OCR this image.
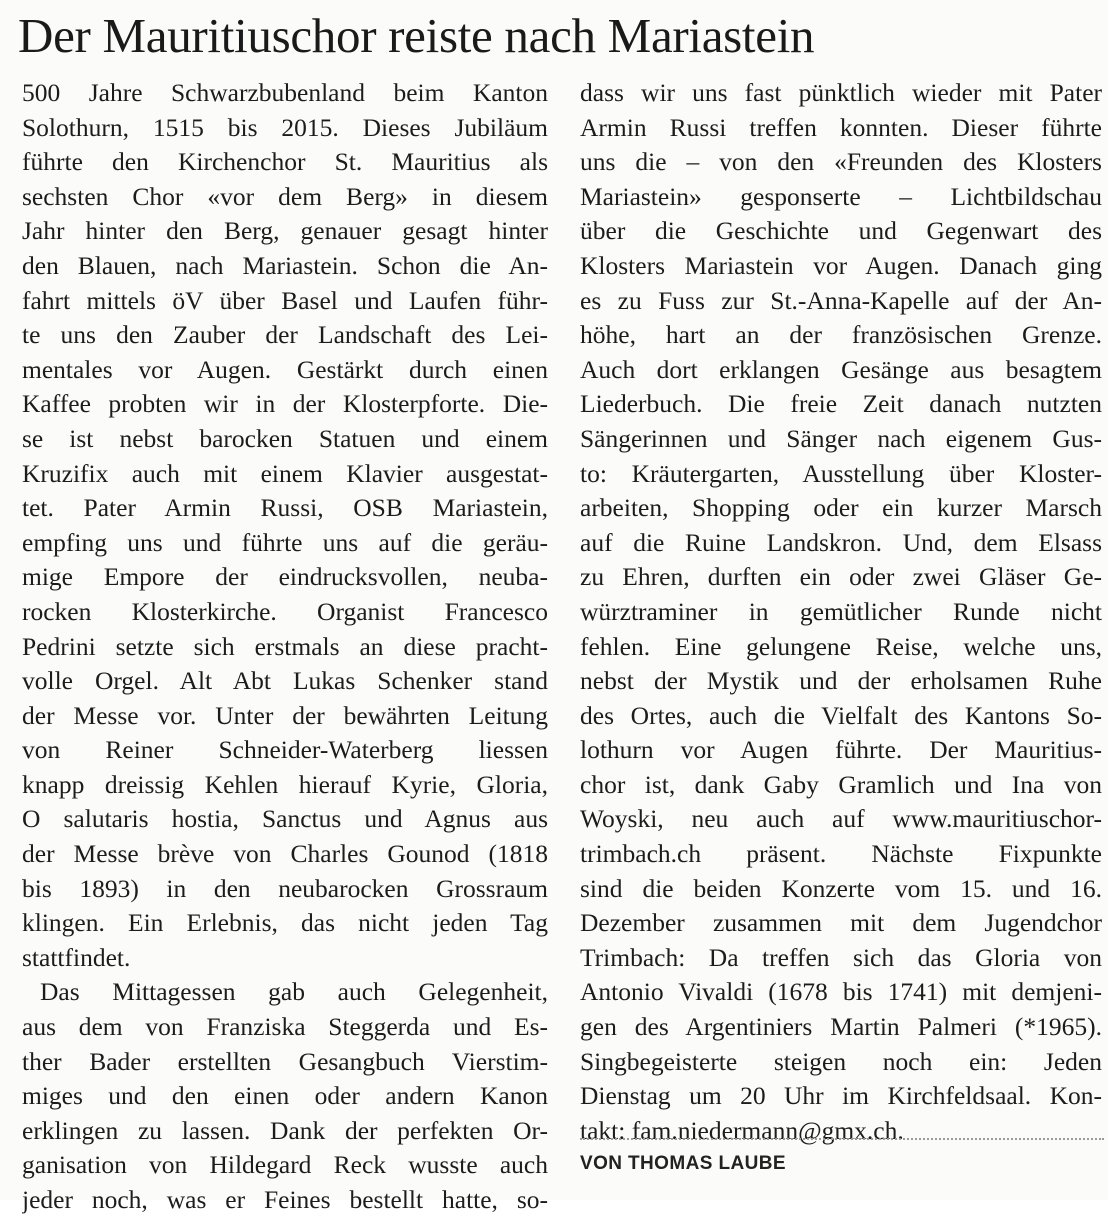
Der Mauritiuschor reiste nach Mariastein
500 Jahre Schwarzbubenland beim Kanton
Solothurn, 1515 bis 2015. Dieses Jubiläum
führte den Kirchenchor St. Mauritius als
sechsten Chor «vor dem Berg» in diesem
Jahr hinter den Berg, genauer gesagt hinter
den Blauen, nach Mariastein. Schon die An-
fahrt mittels öV über Basel und Laufen führ-
te uns den Zauber der Landschaft des Lei-
mentales vor Augen. Gestärkt durch einen
Kaffee probten wir in der Klosterpforte. Die-
se ist nebst barocken Statuen und einem
Kruzifix auch mit einem Klavier ausgestat-
tet. Pater Armin Russi, OSB Mariastein,
empfing uns und führte uns auf die geräu-
mige Empore der eindrucksvollen, neuba-
rocken Klosterkirche. Organist Francesco
Pedrini setzte sich erstmals an diese pracht-
volle Orgel. Alt Abt Lukas Schenker stand
der Messe vor. Unter der bewährten Leitung
von Reiner Schneider-Waterberg liessen
knapp dreissig Kehlen hierauf Kyrie, Gloria,
O salutaris hostia, Sanctus und Agnus aus
der Messe brève von Charles Gounod (1818
bis 1893) in den neubarocken Grossraum
klingen. Ein Erlebnis, das nicht jeden Tag
stattfindet.
Das Mittagessen gab auch Gelegenheit,
aus dem von Franziska Steggerda und Es-
ther Bader erstellten Gesangbuch Vierstim-
miges und den einen oder andern Kanon
erklingen zu lassen. Dank der perfekten Or-
ganisation von Hildegard Reck wusste auch
jeder noch, was er Feines bestellt hatte, so-
dass wir uns fast pünktlich wieder mit Pater
Armin Russi treffen konnten. Dieser führte
uns die – von den «Freunden des Klosters
Mariastein» gesponserte – Lichtbildschau
über die Geschichte und Gegenwart des
Klosters Mariastein vor Augen. Danach ging
es zu Fuss zur St.-Anna-Kapelle auf der An-
höhe, hart an der französischen Grenze.
Auch dort erklangen Gesänge aus besagtem
Liederbuch. Die freie Zeit danach nutzten
Sängerinnen und Sänger nach eigenem Gus-
to: Kräutergarten, Ausstellung über Kloster-
arbeiten, Shopping oder ein kurzer Marsch
auf die Ruine Landskron. Und, dem Elsass
zu Ehren, durften ein oder zwei Gläser Ge-
würztraminer in gemütlicher Runde nicht
fehlen. Eine gelungene Reise, welche uns,
nebst der Mystik und der erholsamen Ruhe
des Ortes, auch die Vielfalt des Kantons So-
lothurn vor Augen führte. Der Mauritius-
chor ist, dank Gaby Gramlich und Ina von
Woyski, neu auch auf www.mauritiuschor-
trimbach.ch präsent. Nächste Fixpunkte
sind die beiden Konzerte vom 15. und 16.
Dezember zusammen mit dem Jugendchor
Trimbach: Da treffen sich das Gloria von
Antonio Vivaldi (1678 bis 1741) mit demjeni-
gen des Argentiniers Martin Palmeri (*1965).
Singbegeisterte steigen noch ein: Jeden
Dienstag um 20 Uhr im Kirchfeldsaal. Kon-
takt: fam.niedermann@gmx.ch.
VON THOMAS LAUBE
